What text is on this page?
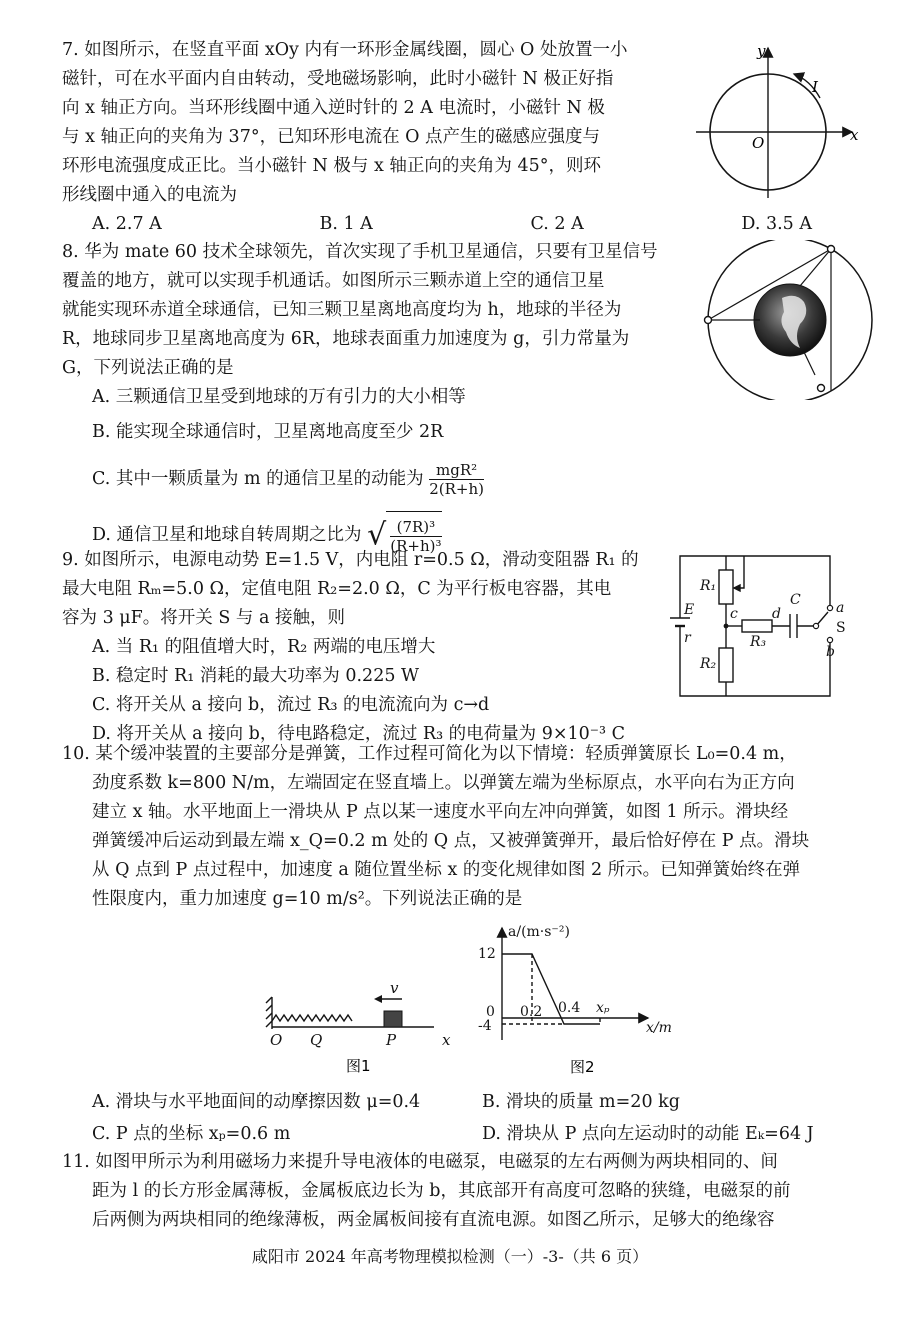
7. 如图所示，在竖直平面 xOy 内有一环形金属线圈，圆心 O 处放置一小

磁针，可在水平面内自由转动，受地磁场影响，此时小磁针 N 极正好指

向 x 轴正方向。当环形线圈中通入逆时针的 2 A 电流时，小磁针 N 极

与 x 轴正向的夹角为 37°，已知环形电流在 O 点产生的磁感应强度与

环形电流强度成正比。当小磁针 N 极与 x 轴正向的夹角为 45°，则环

形线圈中通入的电流为

A. 2.7 A	B. 1 A	C. 2 A	D. 3.5 A
y
x
O
I

8. 华为 mate 60 技术全球领先，首次实现了手机卫星通信，只要有卫星信号

覆盖的地方，就可以实现手机通话。如图所示三颗赤道上空的通信卫星

就能实现环赤道全球通信，已知三颗卫星离地高度均为 h，地球的半径为

R，地球同步卫星离地高度为 6R，地球表面重力加速度为 g，引力常量为

G，下列说法正确的是

A. 三颗通信卫星受到地球的万有引力的大小相等

B. 能实现全球通信时，卫星离地高度至少 2R

C. 其中一颗质量为 m 的通信卫星的动能为 $\frac{\text{mgR²}}{2(R+h)}$

D. 通信卫星和地球自转周期之比为 √ $\frac{\text{(7R)³}}{\text{(R+h)³}}$

9. 如图所示，电源电动势 E=1.5 V，内电阻 r=0.5 Ω，滑动变阻器 R₁ 的

最大电阻 Rₘ=5.0 Ω，定值电阻 R₂=2.0 Ω，C 为平行板电容器，其电

容为 3 μF。将开关 S 与 a 接触，则

A. 当 R₁ 的阻值增大时，R₂ 两端的电压增大

B. 稳定时 R₁ 消耗的最大功率为 0.225 W

C. 将开关从 a 接向 b，流过 R₃ 的电流流向为 c→d

D. 将开关从 a 接向 b，待电路稳定，流过 R₃ 的电荷量为 9×10⁻³ C

E
r
R₁
R₂
R₃
C
c d	a
b
S

10. 某个缓冲装置的主要部分是弹簧，工作过程可简化为以下情境：轻质弹簧原长 L₀=0.4 m，

劲度系数 k=800 N/m，左端固定在竖直墙上。以弹簧左端为坐标原点，水平向右为正方向

建立 x 轴。水平地面上一滑块从 P 点以某一速度水平向左冲向弹簧，如图 1 所示。滑块经

弹簧缓冲后运动到最左端 x_Q=0.2 m 处的 Q 点，又被弹簧弹开，最后恰好停在 P 点。滑块

从 Q 点到 P 点过程中，加速度 a 随位置坐标 x 的变化规律如图 2 所示。已知弹簧始终在弹

性限度内，重力加速度 g=10 m/s²。下列说法正确的是

v
O Q	P	x
图1
a/(m·s⁻²)
12
0
-4
0.2 0.4 xₚ
x/m
图2
A. 滑块与水平地面间的动摩擦因数 μ=0.4	B. 滑块的质量 m=20 kg
C. P 点的坐标 xₚ=0.6 m	D. 滑块从 P 点向左运动时的动能 Eₖ=64 J

11. 如图甲所示为利用磁场力来提升导电液体的电磁泵，电磁泵的左右两侧为两块相同的、间

距为 l 的长方形金属薄板，金属板底边长为 b，其底部开有高度可忽略的狭缝，电磁泵的前

后两侧为两块相同的绝缘薄板，两金属板间接有直流电源。如图乙所示，足够大的绝缘容

咸阳市 2024 年高考物理模拟检测（一）-3-（共 6 页）
